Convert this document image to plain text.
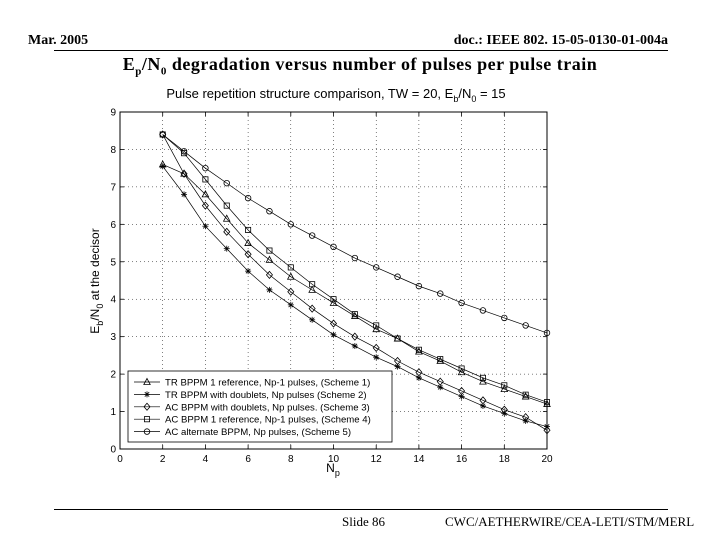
Mar. 2005	doc.: IEEE 802. 15-05-0130-01-004a
$E_p/N_0$ degradation versus number of pulses per pulse train
0	2	4	6	8	10	12	14	16	18	20
0
1
2
3
4
5
6
7
8
9
Pulse repetition structure comparison, TW = 20, $E_b/N_0 = 15$
$N_p$
$E_b/N_0$ at the decisor
TR BPPM 1 reference, Np-1 pulses, (Scheme 1)
TR BPPM with doublets, Np pulses (Scheme 2)
AC BPPM with doublets, Np pulses. (Scheme 3)
AC BPPM 1 reference, Np-1 pulses, (Scheme 4)
AC alternate BPPM, Np pulses, (Scheme 5)
Slide 86	CWC/AETHERWIRE/CEA-LETI/STM/MERL
